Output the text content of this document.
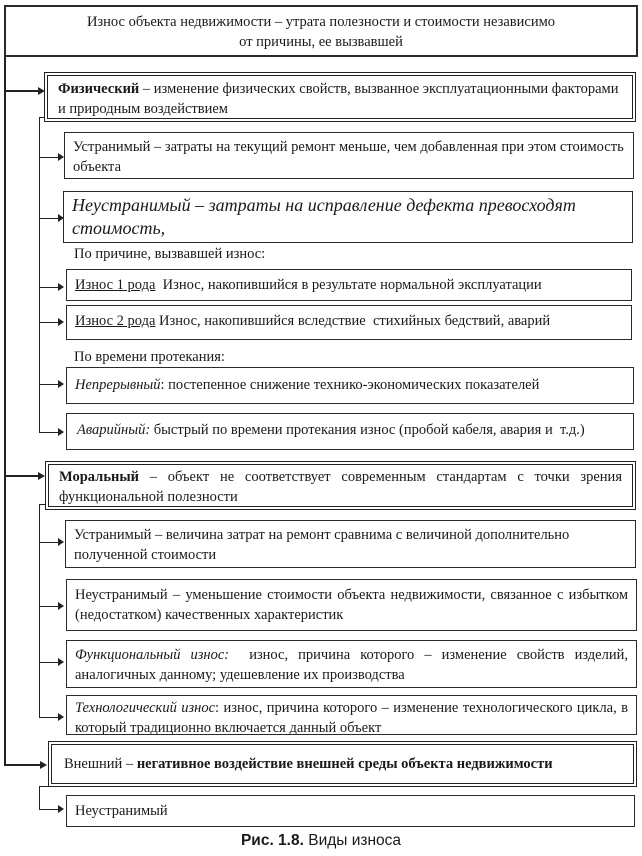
Износ объекта недвижимости – утрата полезности и стоимости независимо
от причины, ее вызвавшей
Физический – изменение физических свойств, вызванное эксплуатационными факторами и природным воздействием
Устранимый – затраты на текущий ремонт меньше, чем добавленная при этом стоимость объекта
Неустранимый – затраты на исправление дефекта превосходят стоимость,
По причине, вызвавшей износ:
Износ 1 рода  Износ, накопившийся в результате нормальной эксплуатации
Износ 2 рода Износ, накопившийся вследствие  стихийных бедствий, аварий
По времени протекания:
Непрерывный: постепенное снижение технико-экономических показателей
Аварийный: быстрый по времени протекания износ (пробой кабеля, авария и  т.д.)
Моральный – объект не соответствует современным стандартам с точки зрения функциональной полезности
Устранимый – величина затрат на ремонт сравнима с величиной дополнительно полученной стоимости
Неустранимый – уменьшение стоимости объекта недвижимости, связанное с избытком (недостатком) качественных характеристик
Функциональный износ:  износ, причина которого – изменение свойств изделий, аналогичных данному; удешевление их производства
Технологический износ: износ, причина которого – изменение технологического цикла, в который традиционно включается данный объект
Внешний – негативное воздействие внешней среды объекта недвижимости
Неустранимый
Рис. 1.8. Виды износа
